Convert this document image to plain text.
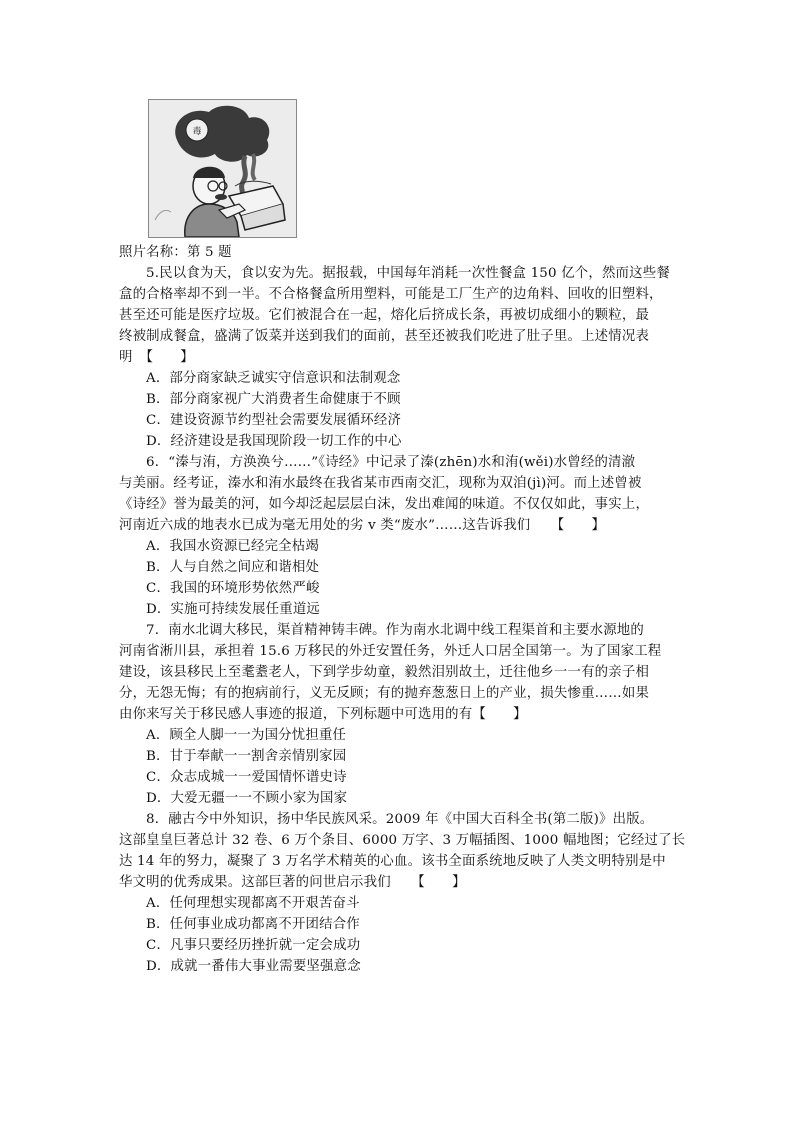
毒
照片名称：第 5 题
5.民以食为天，食以安为先。据报载，中国每年消耗一次性餐盒 150 亿个，然而这些餐
盒的合格率却不到一半。不合格餐盒所用塑料，可能是工厂生产的边角料、回收的旧塑料，
甚至还可能是医疗垃圾。它们被混合在一起，熔化后挤成长条，再被切成细小的颗粒，最
终被制成餐盒，盛满了饭菜并送到我们的面前，甚至还被我们吃进了肚子里。上述情况表
明　【　　】
A．部分商家缺乏诚实守信意识和法制观念
B．部分商家视广大消费者生命健康于不顾
C．建设资源节约型社会需要发展循环经济
D．经济建设是我国现阶段一切工作的中心
6．“溱与洧，方涣涣兮……”《诗经》中记录了溱(zhēn)水和洧(wěi)水曾经的清澈
与美丽。经考证，溱水和洧水最终在我省某市西南交汇，现称为双洎(jì)河。而上述曾被
《诗经》誉为最美的河，如今却泛起层层白沫，发出难闻的味道。不仅仅如此，事实上，
河南近六成的地表水已成为毫无用处的劣 v 类“废水”……这告诉我们　　【　　】
A．我国水资源已经完全枯竭
B．人与自然之间应和谐相处
C．我国的环境形势依然严峻
D．实施可持续发展任重道远
7．南水北调大移民，渠首精神铸丰碑。作为南水北调中线工程渠首和主要水源地的
河南省淅川县，承担着 15.6 万移民的外迁安置任务，外迁人口居全国第一。为了国家工程
建设，该县移民上至耄耋老人，下到学步幼童，毅然泪别故土，迁往他乡一一有的亲子相
分，无怨无悔；有的抱病前行，义无反顾；有的抛弃葱葱日上的产业，损失惨重……如果
由你来写关于移民感人事迹的报道，下列标题中可选用的有【　　】
A．顾全人脚一一为国分忧担重任
B．甘于奉献一一割舍亲情别家园
C．众志成城一一爱国情怀谱史诗
D．大爱无疆一一不顾小家为国家
8．融古今中外知识，扬中华民族风采。2009 年《中国大百科全书(第二版)》出版。
这部皇皇巨著总计 32 卷、6 万个条目、6000 万字、3 万幅插图、1000 幅地图；它经过了长
达 14 年的努力，凝聚了 3 万名学术精英的心血。该书全面系统地反映了人类文明特别是中
华文明的优秀成果。这部巨著的问世启示我们　　【　　】
A．任何理想实现都离不开艰苦奋斗
B．任何事业成功都离不开团结合作
C．凡事只要经历挫折就一定会成功
D．成就一番伟大事业需要坚强意念
